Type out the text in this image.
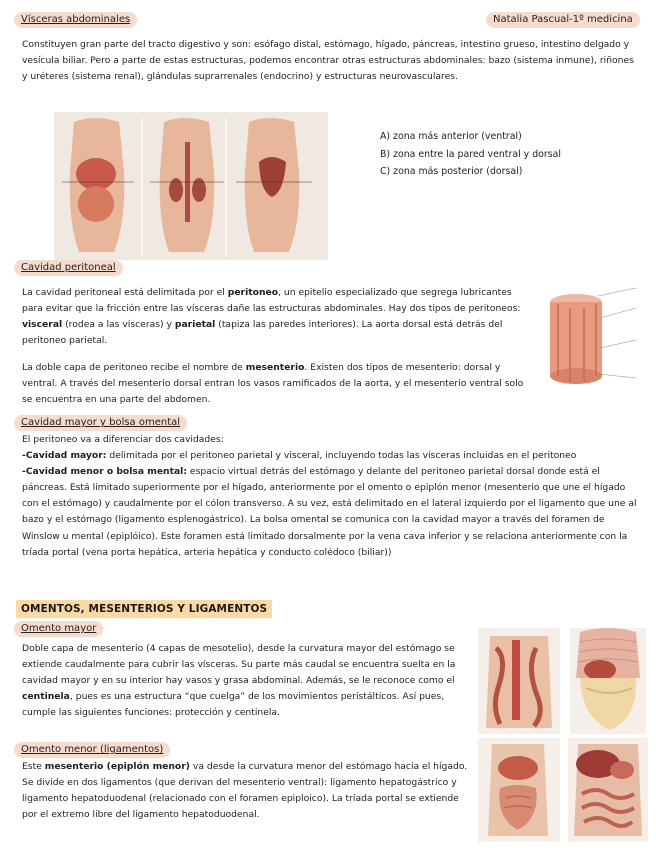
Vísceras abdominales	Natalia Pascual-1º medicina
Constituyen gran parte del tracto digestivo y son: esófago distal, estómago, hígado, páncreas, intestino grueso, intestino delgado y vesícula biliar. Pero a parte de estas estructuras, podemos encontrar otras estructuras abdominales: bazo (sistema inmune), riñones y uréteres (sistema renal), glándulas suprarrenales (endocrino) y estructuras neurovasculares.
A) zona más anterior (ventral)
B) zona entre la pared ventral y dorsal
C) zona más posterior (dorsal)
Cavidad peritoneal
La cavidad peritoneal está delimitada por el peritoneo, un epitelio especializado que segrega lubricantes para evitar que la fricción entre las vísceras dañe las estructuras abdominales. Hay dos tipos de peritoneos: visceral (rodea a las vísceras) y parietal (tapiza las paredes interiores). La aorta dorsal está detrás del peritoneo parietal.
La doble capa de peritoneo recibe el nombre de mesenterio. Existen dos tipos de mesenterio: dorsal y ventral. A través del mesenterio dorsal entran los vasos ramificados de la aorta, y el mesenterio ventral solo se encuentra en una parte del abdomen.
Cavidad mayor y bolsa omental
El peritoneo va a diferenciar dos cavidades:
-Cavidad mayor: delimitada por el peritoneo parietal y visceral, incluyendo todas las vísceras incluidas en el peritoneo
-Cavidad menor o bolsa mental: espacio virtual detrás del estómago y delante del peritoneo parietal dorsal donde está el páncreas. Está limitado superiormente por el hígado, anteriormente por el omento o epiplón menor (mesenterio que une el hígado con el estómago) y caudalmente por el cólon transverso. A su vez, está delimitado en el lateral izquierdo por el ligamento que une al bazo y el estómago (ligamento esplenogástrico). La bolsa omental se comunica con la cavidad mayor a través del foramen de Winslow u mental (epiplóico). Este foramen está limitado dorsalmente por la vena cava inferior y se relaciona anteriormente con la tríada portal (vena porta hepática, arteria hepática y conducto colédoco (biliar))
OMENTOS, MESENTERIOS Y LIGAMENTOS
Omento mayor
Doble capa de mesenterio (4 capas de mesotelio), desde la curvatura mayor del estómago se extiende caudalmente para cubrir las vísceras. Su parte más caudal se encuentra suelta en la cavidad mayor y en su interior hay vasos y grasa abdominal. Además, se le reconoce como el centinela, pues es una estructura “que cuelga” de los movimientos peristálticos. Así pues, cumple las siguientes funciones: protección y centinela.
Omento menor (ligamentos)
Este mesenterio (epiplón menor) va desde la curvatura menor del estómago hacia el hígado. Se divide en dos ligamentos (que derivan del mesenterio ventral): ligamento hepatogástrico y ligamento hepatoduodenal (relacionado con el foramen epiploico). La tríada portal se extiende por el extremo libre del ligamento hepatoduodenal.
